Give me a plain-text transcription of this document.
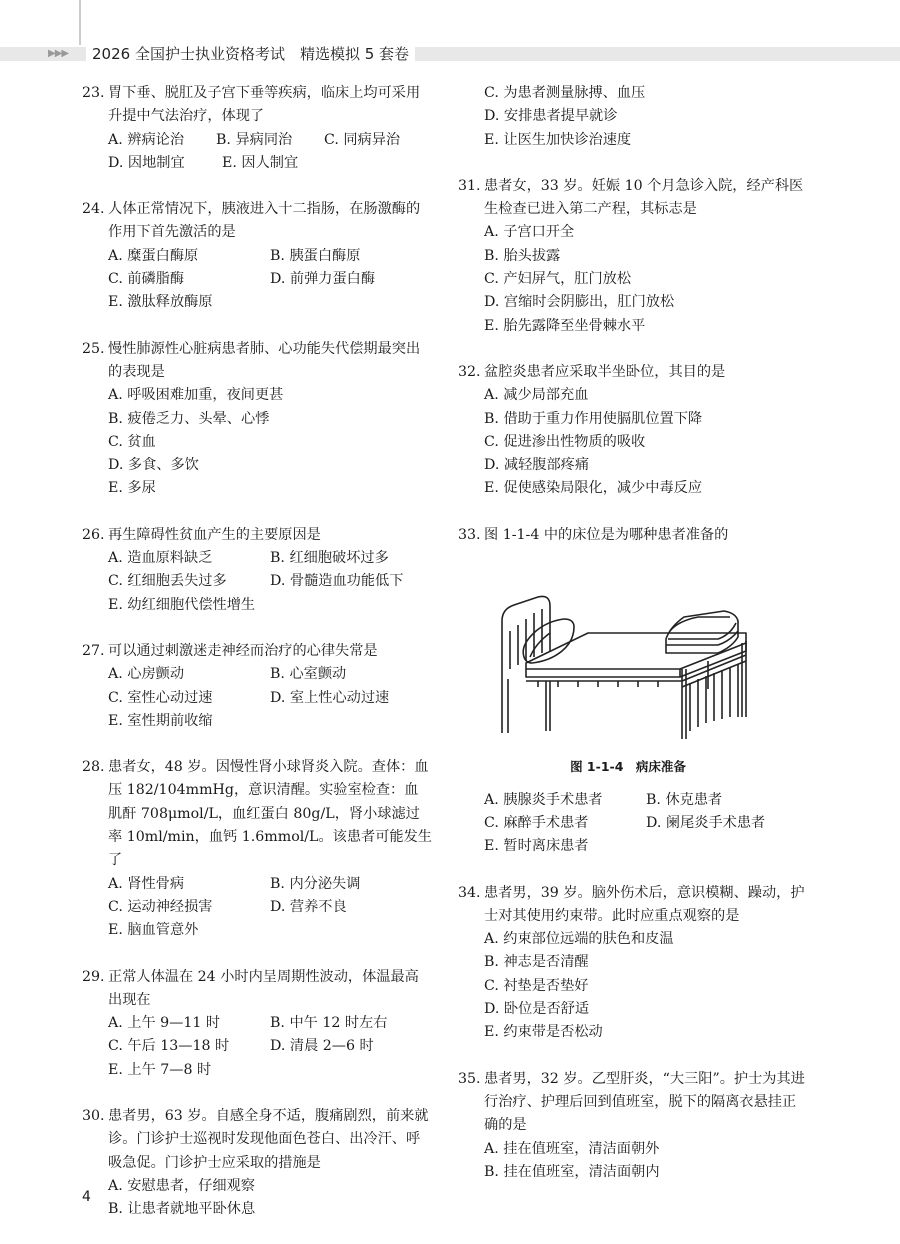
▶▶▶	2026 全国护士执业资格考试　精选模拟 5 套卷
23. 胃下垂、脱肛及子宫下垂等疾病，临床上均可采用升提中气法治疗，体现了
A. 辨病论治	B. 异病同治	C. 同病异治
D. 因地制宜	E. 因人制宜
24. 人体正常情况下，胰液进入十二指肠，在肠激酶的作用下首先激活的是
A. 糜蛋白酶原	B. 胰蛋白酶原
C. 前磷脂酶	D. 前弹力蛋白酶
E. 激肽释放酶原
25. 慢性肺源性心脏病患者肺、心功能失代偿期最突出的表现是
A. 呼吸困难加重，夜间更甚
B. 疲倦乏力、头晕、心悸
C. 贫血
D. 多食、多饮
E. 多尿
26. 再生障碍性贫血产生的主要原因是
A. 造血原料缺乏	B. 红细胞破坏过多
C. 红细胞丢失过多	D. 骨髓造血功能低下
E. 幼红细胞代偿性增生
27. 可以通过刺激迷走神经而治疗的心律失常是
A. 心房颤动	B. 心室颤动
C. 室性心动过速	D. 室上性心动过速
E. 室性期前收缩
28. 患者女，48 岁。因慢性肾小球肾炎入院。查体：血压 182/104mmHg，意识清醒。实验室检查：血肌酐 708μmol/L，血红蛋白 80g/L，肾小球滤过率 10ml/min，血钙 1.6mmol/L。该患者可能发生了
A. 肾性骨病	B. 内分泌失调
C. 运动神经损害	D. 营养不良
E. 脑血管意外
29. 正常人体温在 24 小时内呈周期性波动，体温最高出现在
A. 上午 9—11 时	B. 中午 12 时左右
C. 午后 13—18 时	D. 清晨 2—6 时
E. 上午 7—8 时
30. 患者男，63 岁。自感全身不适，腹痛剧烈，前来就诊。门诊护士巡视时发现他面色苍白、出冷汗、呼吸急促。门诊护士应采取的措施是
A. 安慰患者，仔细观察
B. 让患者就地平卧休息
C. 为患者测量脉搏、血压
D. 安排患者提早就诊
E. 让医生加快诊治速度
31. 患者女，33 岁。妊娠 10 个月急诊入院，经产科医生检查已进入第二产程，其标志是
A. 子宫口开全
B. 胎头拔露
C. 产妇屏气，肛门放松
D. 宫缩时会阴膨出，肛门放松
E. 胎先露降至坐骨棘水平
32. 盆腔炎患者应采取半坐卧位，其目的是
A. 减少局部充血
B. 借助于重力作用使膈肌位置下降
C. 促进渗出性物质的吸收
D. 减轻腹部疼痛
E. 促使感染局限化，减少中毒反应
33. 图 1-1-4 中的床位是为哪种患者准备的
图 1-1-4　病床准备
A. 胰腺炎手术患者	B. 休克患者
C. 麻醉手术患者	D. 阑尾炎手术患者
E. 暂时离床患者
34. 患者男，39 岁。脑外伤术后，意识模糊、躁动，护士对其使用约束带。此时应重点观察的是
A. 约束部位远端的肤色和皮温
B. 神志是否清醒
C. 衬垫是否垫好
D. 卧位是否舒适
E. 约束带是否松动
35. 患者男，32 岁。乙型肝炎，“大三阳”。护士为其进行治疗、护理后回到值班室，脱下的隔离衣悬挂正确的是
A. 挂在值班室，清洁面朝外
B. 挂在值班室，清洁面朝内
4
